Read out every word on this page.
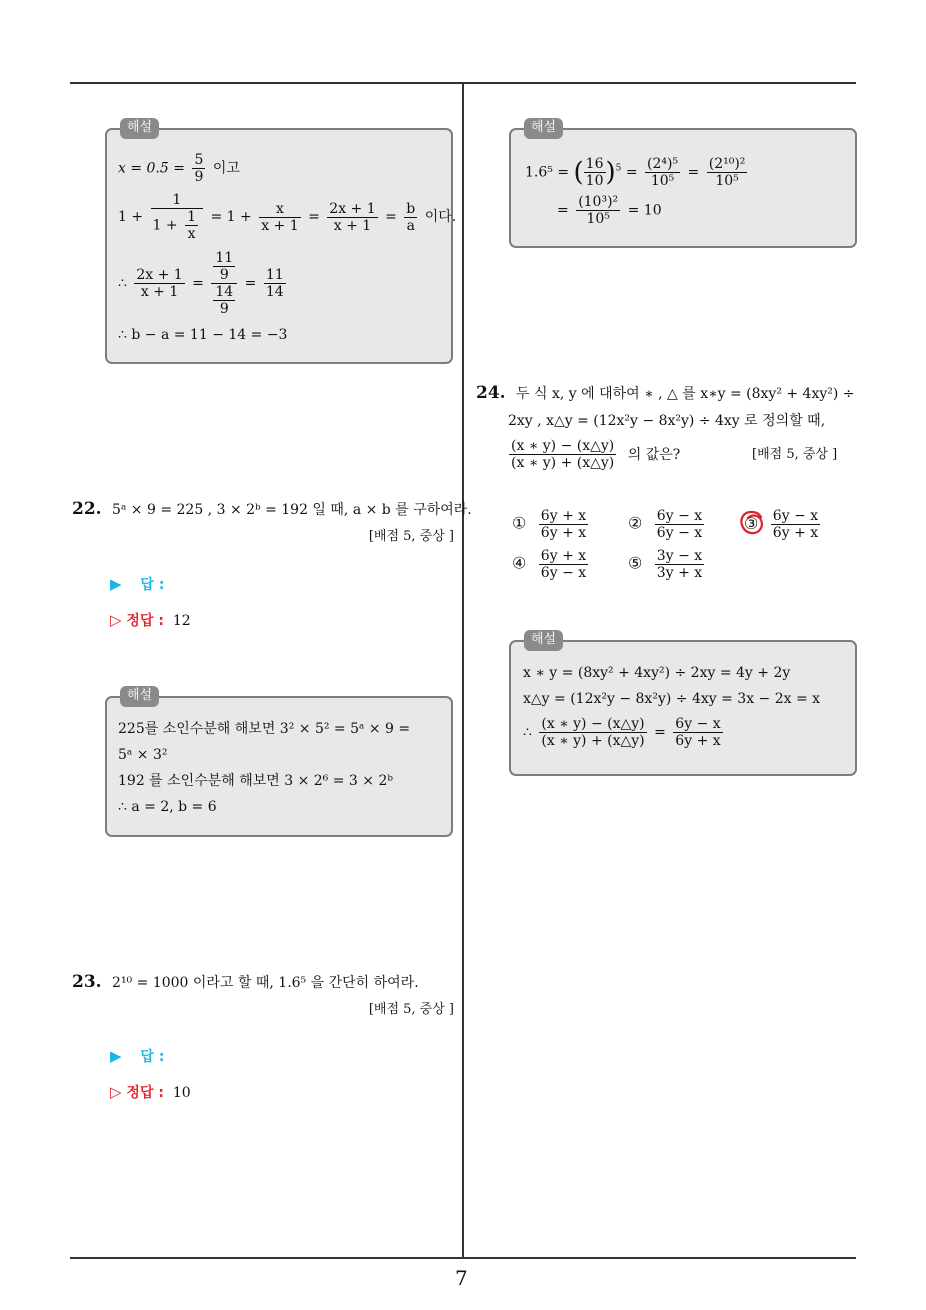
7
해설
x = 0.5̇ = $\frac{5}{9}$ 이고
$1 + \frac{1}{1 + \frac{1}{x}} = 1 + \frac{x}{x + 1} = \frac{2x + 1}{x + 1} = \frac{b}{a}$ 이다.
∴ $\frac{2x + 1}{x + 1} = \frac{\frac{11}{9}}{\frac{14}{9}} = \frac{11}{14}$
∴ b − a = 11 − 14 = −3
22. 5ᵃ × 9 = 225 , 3 × 2ᵇ = 192 일 때, a × b 를 구하여라.
[배점 5, 중상 ]
▶ 답 :
▷ 정답 : 12
해설
225를 소인수분해 해보면 3² × 5² = 5ᵃ × 9 =
5ᵃ × 3²
192 를 소인수분해 해보면 3 × 2⁶ = 3 × 2ᵇ
∴ a = 2, b = 6
23. 2¹⁰ = 1000 이라고 할 때, 1.6⁵ 을 간단히 하여라.
[배점 5, 중상 ]
▶ 답 :
▷ 정답 : 10
해설
1.6⁵ = ( $\frac{16}{10} )^5 = \frac{\text{(2⁴)⁵}}{\text{10⁵}} = \frac{\text{(2¹⁰)²}}{\text{10⁵}}$
= $\frac{\text{(10³)²}}{\text{10⁵}} = 10$
24. 두 식 x, y 에 대하여 ∗ , △ 를 x∗y = (8xy² + 4xy²) ÷
2xy , x△y = (12x²y − 8x²y) ÷ 4xy 로 정의할 때,
$\frac{(x ∗ y) - (x\triangle y)}{(x ∗ y) + (x\triangle y)}$ 의 값은?	[배점 5, 중상 ]
① $\frac{6y + x}{6y + x}$ ② $\frac{6y - x}{6y - x}$ ③ $\frac{6y - x}{6y + x}$
④ $\frac{6y + x}{6y - x}$ ⑤ $\frac{3y - x}{3y + x}$
해설
x ∗ y = (8xy² + 4xy²) ÷ 2xy = 4y + 2y
x△y = (12x²y − 8x²y) ÷ 4xy = 3x − 2x = x
∴ $\frac{(x ∗ y) - (x\triangle y)}{(x ∗ y) + (x\triangle y)} = \frac{6y - x}{6y + x}$
